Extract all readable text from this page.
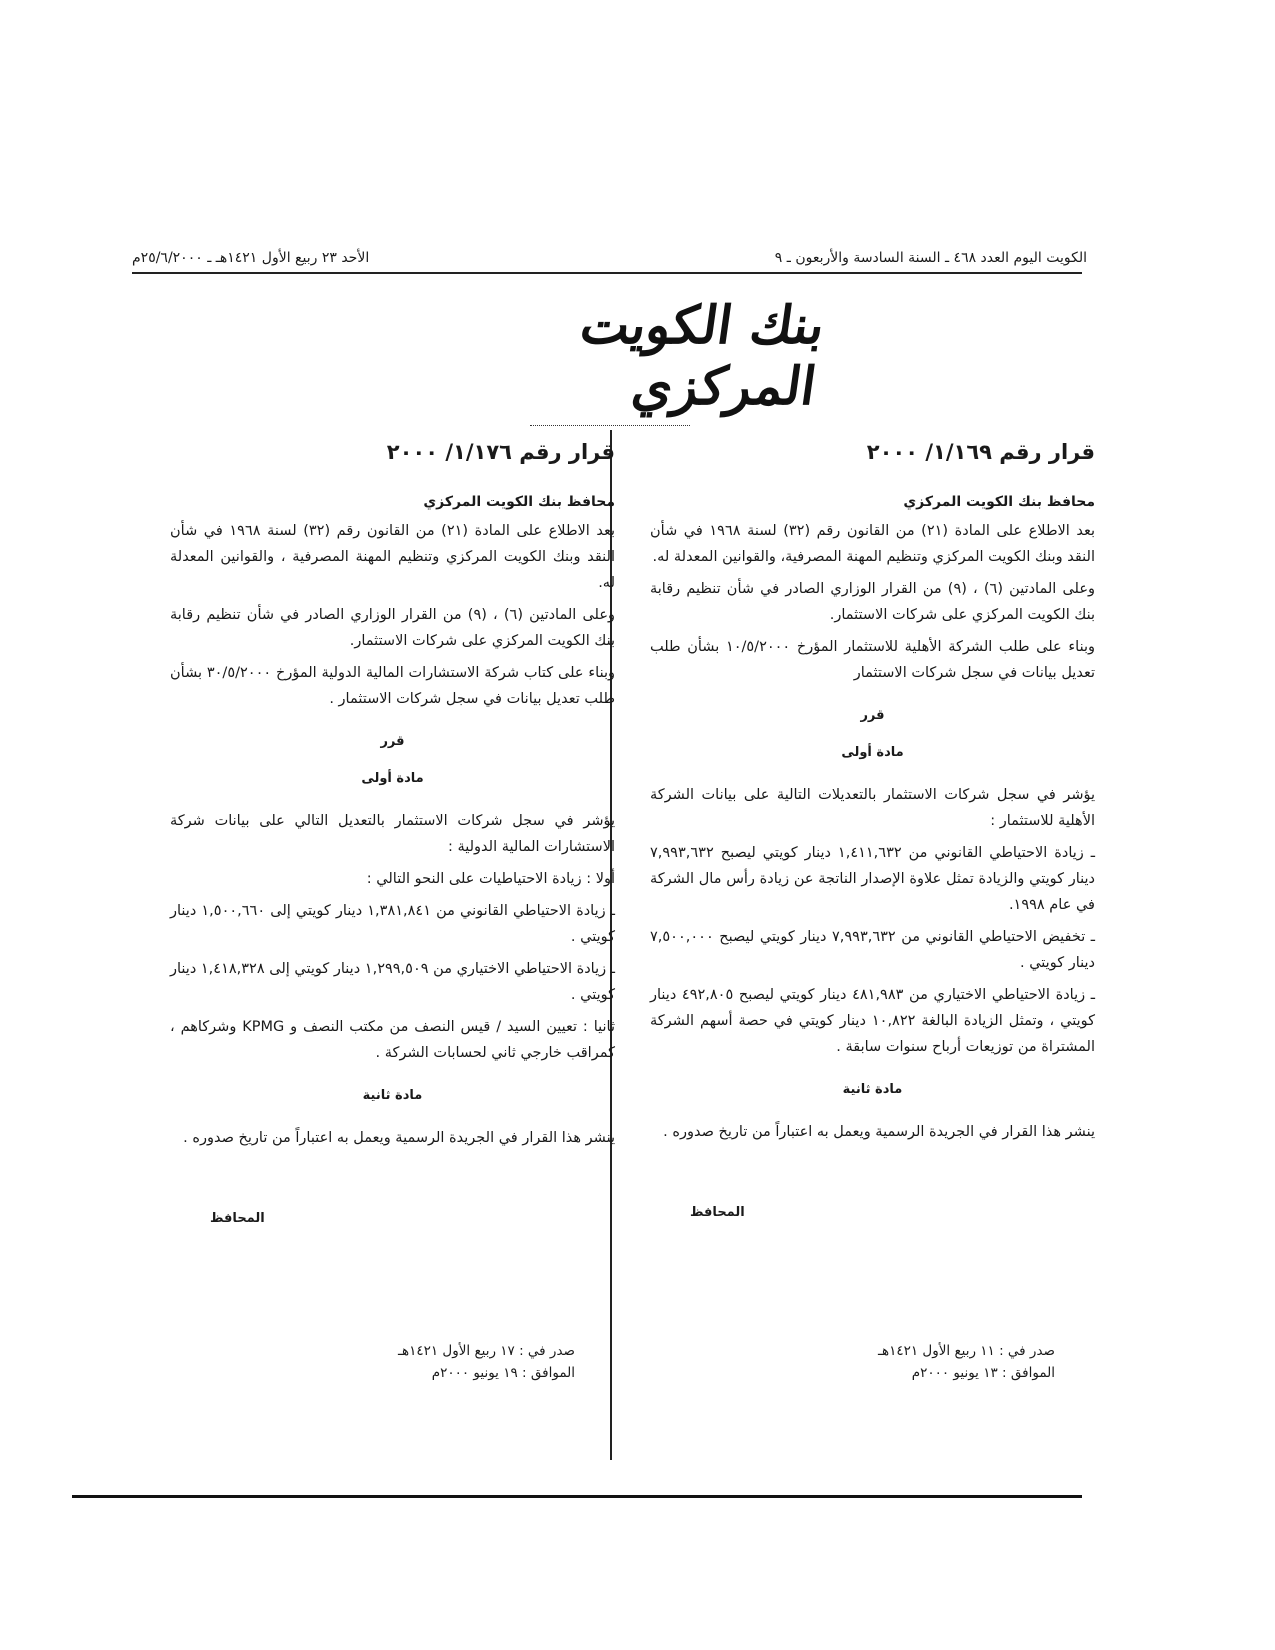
الكويت اليوم العدد ٤٦٨ ـ السنة السادسة والأربعون ـ ٩
الأحد ٢٣ ربيع الأول ١٤٢١هـ ـ ٢٥/٦/٢٠٠٠م
بنك الكويت المركزي
قرار رقم ١/١٦٩/ ٢٠٠٠
محافظ بنك الكويت المركزي

بعد الاطلاع على المادة (٢١) من القانون رقم (٣٢) لسنة ١٩٦٨ في شأن النقد وبنك الكويت المركزي وتنظيم المهنة المصرفية، والقوانين المعدلة له.

وعلى المادتين (٦) ، (٩) من القرار الوزاري الصادر في شأن تنظيم رقابة بنك الكويت المركزي على شركات الاستثمار.

وبناء على طلب الشركة الأهلية للاستثمار المؤرخ ١٠/٥/٢٠٠٠ بشأن طلب تعديل بيانات في سجل شركات الاستثمار

قرر
مادة أولى

يؤشر في سجل شركات الاستثمار بالتعديلات التالية على بيانات الشركة الأهلية للاستثمار :

ـ زيادة الاحتياطي القانوني من ١,٤١١,٦٣٢ دينار كويتي ليصبح ٧,٩٩٣,٦٣٢ دينار كويتي والزيادة تمثل علاوة الإصدار الناتجة عن زيادة رأس مال الشركة في عام ١٩٩٨.

ـ تخفيض الاحتياطي القانوني من ٧,٩٩٣,٦٣٢ دينار كويتي ليصبح ٧,٥٠٠,٠٠٠ دينار كويتي .

ـ زيادة الاحتياطي الاختياري من ٤٨١,٩٨٣ دينار كويتي ليصبح ٤٩٢,٨٠٥ دينار كويتي ، وتمثل الزيادة البالغة ١٠,٨٢٢ دينار كويتي في حصة أسهم الشركة المشتراة من توزيعات أرباح سنوات سابقة .

مادة ثانية

ينشر هذا القرار في الجريدة الرسمية ويعمل به اعتباراً من تاريخ صدوره .

المحافظ
صدر في : ١١ ربيع الأول ١٤٢١هـ
الموافق : ١٣ يونيو ٢٠٠٠م
قرار رقم ١/١٧٦/ ٢٠٠٠
محافظ بنك الكويت المركزي

بعد الاطلاع على المادة (٢١) من القانون رقم (٣٢) لسنة ١٩٦٨ في شأن النقد وبنك الكويت المركزي وتنظيم المهنة المصرفية ، والقوانين المعدلة له.

وعلى المادتين (٦) ، (٩) من القرار الوزاري الصادر في شأن تنظيم رقابة بنك الكويت المركزي على شركات الاستثمار.

وبناء على كتاب شركة الاستشارات المالية الدولية المؤرخ ٣٠/٥/٢٠٠٠ بشأن طلب تعديل بيانات في سجل شركات الاستثمار .

قرر
مادة أولى

يؤشر في سجل شركات الاستثمار بالتعديل التالي على بيانات شركة الاستشارات المالية الدولية :

أولا : زيادة الاحتياطيات على النحو التالي :

ـ زيادة الاحتياطي القانوني من ١,٣٨١,٨٤١ دينار كويتي إلى ١,٥٠٠,٦٦٠ دينار كويتي .

ـ زيادة الاحتياطي الاختياري من ١,٢٩٩,٥٠٩ دينار كويتي إلى ١,٤١٨,٣٢٨ دينار كويتي .

ثانيا : تعيين السيد / قيس النصف من مكتب النصف و KPMG وشركاهم ، كمراقب خارجي ثاني لحسابات الشركة .

مادة ثانية

ينشر هذا القرار في الجريدة الرسمية ويعمل به اعتباراً من تاريخ صدوره .

المحافظ
صدر في : ١٧ ربيع الأول ١٤٢١هـ
الموافق : ١٩ يونيو ٢٠٠٠م
